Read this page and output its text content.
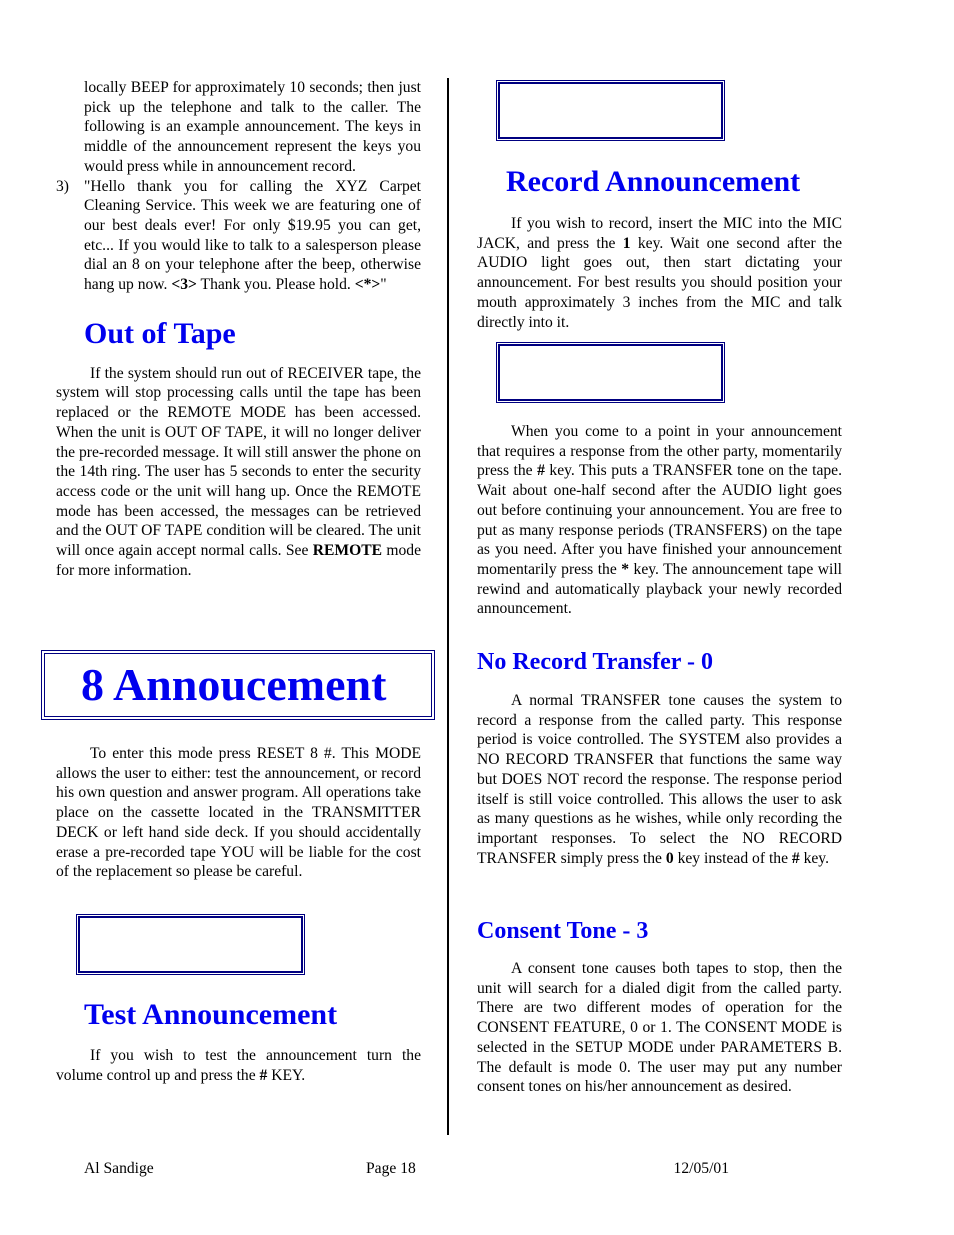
locally BEEP for approximately 10 seconds; then just pick up the telephone and talk to the caller. The following is an example announcement. The keys in middle of the announcement represent the keys you would press while in announcement record.

3) "Hello thank you for calling the XYZ Carpet Cleaning Service. This week we are featuring one of our best deals ever! For only $19.95 you can get, etc... If you would like to talk to a salesperson please dial an 8 on your telephone after the beep, otherwise hang up now. <3> Thank you. Please hold. <*>"
Out of Tape

If the system should run out of RECEIVER tape, the system will stop processing calls until the tape has been replaced or the REMOTE MODE has been accessed. When the unit is OUT OF TAPE, it will no longer deliver the pre-recorded message. It will still answer the phone on the 14th ring. The user has 5 seconds to enter the security access code or the unit will hang up. Once the REMOTE mode has been accessed, the messages can be retrieved and the OUT OF TAPE condition will be cleared. The unit will once again accept normal calls. See REMOTE mode for more information.

8 Annoucement

To enter this mode press RESET 8 #. This MODE allows the user to either: test the announcement, or record his own question and answer program. All operations take place on the cassette located in the TRANSMITTER DECK or left hand side deck. If you should accidentally erase a pre-recorded tape YOU will be liable for the cost of the replacement so please be careful.

Test Announcement

If you wish to test the announcement turn the volume control up and press the # KEY.

Record Announcement

If you wish to record, insert the MIC into the MIC JACK, and press the 1 key. Wait one second after the AUDIO light goes out, then start dictating your announcement. For best results you should position your mouth approximately 3 inches from the MIC and talk directly into it.

When you come to a point in your announcement that requires a response from the other party, momentarily press the # key. This puts a TRANSFER tone on the tape. Wait about one-half second after the AUDIO light goes out before continuing your announcement. You are free to put as many response periods (TRANSFERS) on the tape as you need. After you have finished your announcement momentarily press the * key. The announcement tape will rewind and automatically playback your newly recorded announcement.

No Record Transfer - 0

A normal TRANSFER tone causes the system to record a response from the called party. This response period is voice controlled. The SYSTEM also provides a NO RECORD TRANSFER that functions the same way but DOES NOT record the response. The response period itself is still voice controlled. This allows the user to ask as many questions as he wishes, while only recording the important responses. To select the NO RECORD TRANSFER simply press the 0 key instead of the # key.

Consent Tone - 3

A consent tone causes both tapes to stop, then the unit will search for a dialed digit from the called party. There are two different modes of operation for the CONSENT FEATURE, 0 or 1. The CONSENT MODE is selected in the SETUP MODE under PARAMETERS B. The default is mode 0. The user may put any number consent tones on his/her announcement as desired.

Al Sandige	Page 18	12/05/01
